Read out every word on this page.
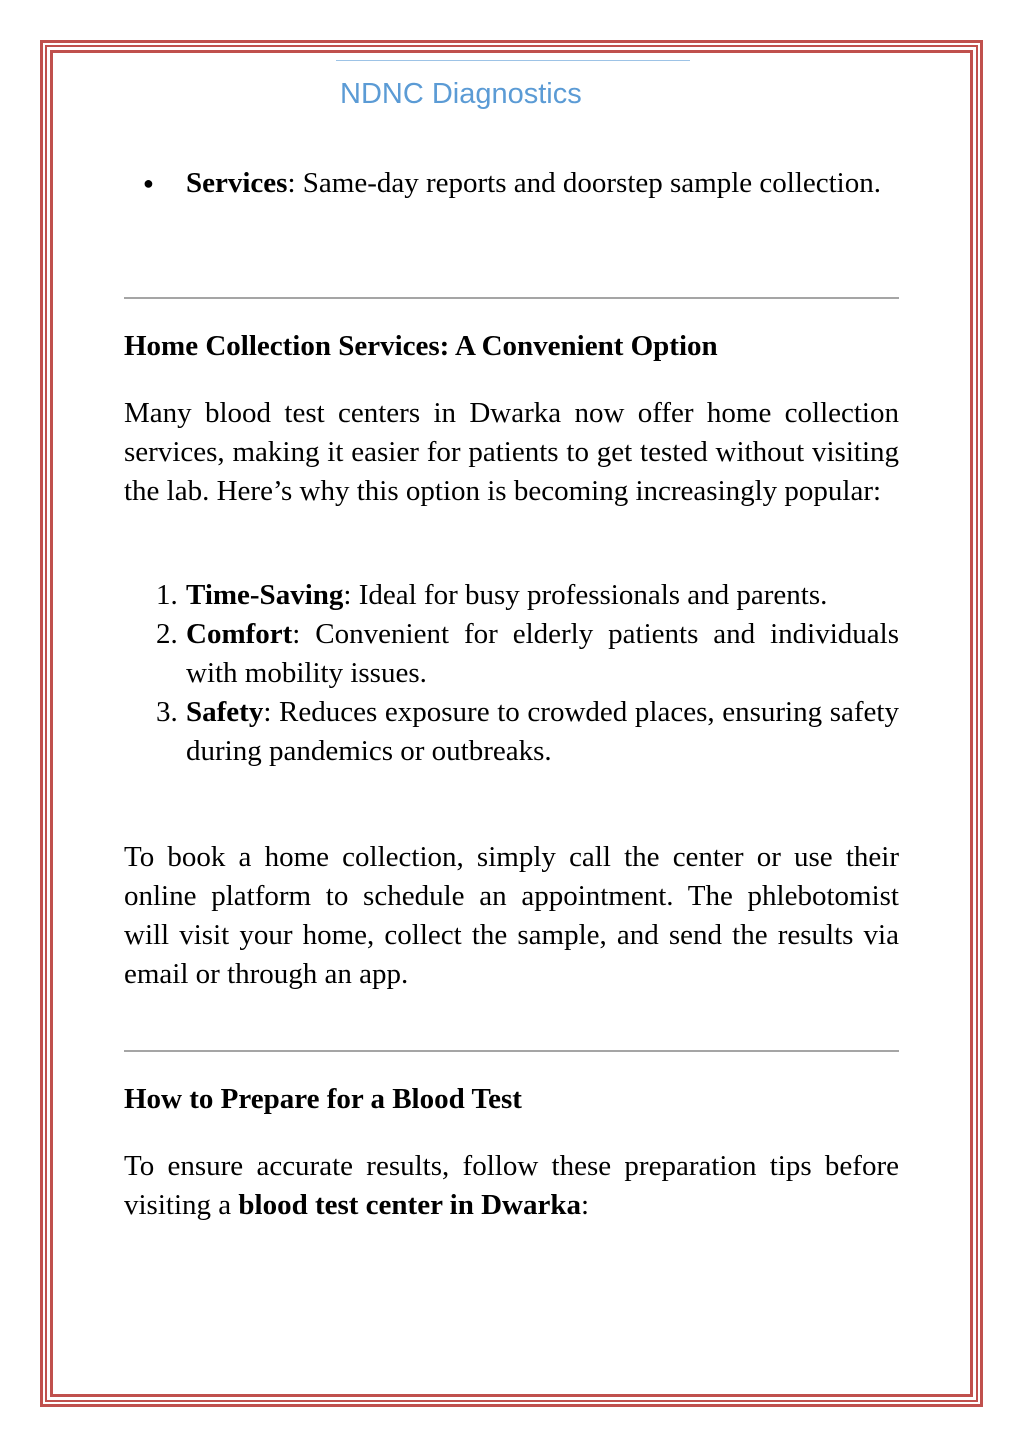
NDNC Diagnostics
● Services: Same-day reports and doorstep sample collection.
Home Collection Services: A Convenient Option

Many blood test centers in Dwarka now offer home collection services, making it easier for patients to get tested without visiting the lab. Here’s why this option is becoming increasingly popular:

1. Time-Saving: Ideal for busy professionals and parents.
2. Comfort: Convenient for elderly patients and individuals with mobility issues.
3. Safety: Reduces exposure to crowded places, ensuring safety during pandemics or outbreaks.

To book a home collection, simply call the center or use their online platform to schedule an appointment. The phlebotomist will visit your home, collect the sample, and send the results via email or through an app.

How to Prepare for a Blood Test

To ensure accurate results, follow these preparation tips before visiting a blood test center in Dwarka:
